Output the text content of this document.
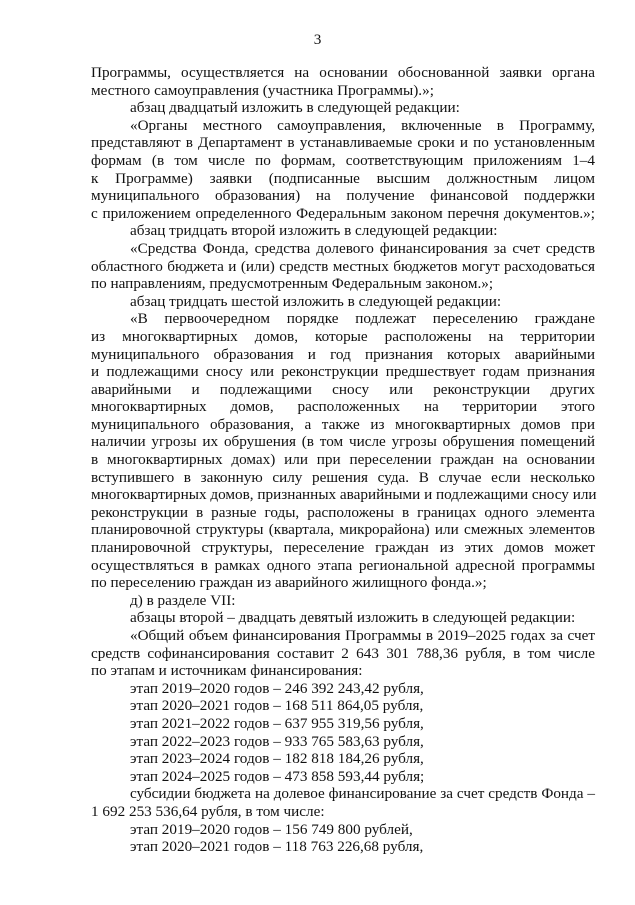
3
Программы, осуществляется на основании обоснованной заявки органа
местного самоуправления (участника Программы).»;
абзац двадцатый изложить в следующей редакции:
«Органы местного самоуправления, включенные в Программу,
представляют в Департамент в устанавливаемые сроки и по установленным
формам (в том числе по формам, соответствующим приложениям 1–4
к Программе) заявки (подписанные высшим должностным лицом
муниципального образования) на получение финансовой поддержки
с приложением определенного Федеральным законом перечня документов.»;
абзац тридцать второй изложить в следующей редакции:
«Средства Фонда, средства долевого финансирования за счет средств
областного бюджета и (или) средств местных бюджетов могут расходоваться
по направлениям, предусмотренным Федеральным законом.»;
абзац тридцать шестой изложить в следующей редакции:
«В первоочередном порядке подлежат переселению граждане
из многоквартирных домов, которые расположены на территории
муниципального образования и год признания которых аварийными
и подлежащими сносу или реконструкции предшествует годам признания
аварийными и подлежащими сносу или реконструкции других
многоквартирных домов, расположенных на территории этого
муниципального образования, а также из многоквартирных домов при
наличии угрозы их обрушения (в том числе угрозы обрушения помещений
в многоквартирных домах) или при переселении граждан на основании
вступившего в законную силу решения суда. В случае если несколько
многоквартирных домов, признанных аварийными и подлежащими сносу или
реконструкции в разные годы, расположены в границах одного элемента
планировочной структуры (квартала, микрорайона) или смежных элементов
планировочной структуры, переселение граждан из этих домов может
осуществляться в рамках одного этапа региональной адресной программы
по переселению граждан из аварийного жилищного фонда.»;
д) в разделе VII:
абзацы второй – двадцать девятый изложить в следующей редакции:
«Общий объем финансирования Программы в 2019–2025 годах за счет
средств софинансирования составит 2 643 301 788,36 рубля, в том числе
по этапам и источникам финансирования:
этап 2019–2020 годов – 246 392 243,42 рубля,
этап 2020–2021 годов – 168 511 864,05 рубля,
этап 2021–2022 годов – 637 955 319,56 рубля,
этап 2022–2023 годов – 933 765 583,63 рубля,
этап 2023–2024 годов – 182 818 184,26 рубля,
этап 2024–2025 годов – 473 858 593,44 рубля;
субсидии бюджета на долевое финансирование за счет средств Фонда –
1 692 253 536,64 рубля, в том числе:
этап 2019–2020 годов – 156 749 800 рублей,
этап 2020–2021 годов – 118 763 226,68 рубля,
